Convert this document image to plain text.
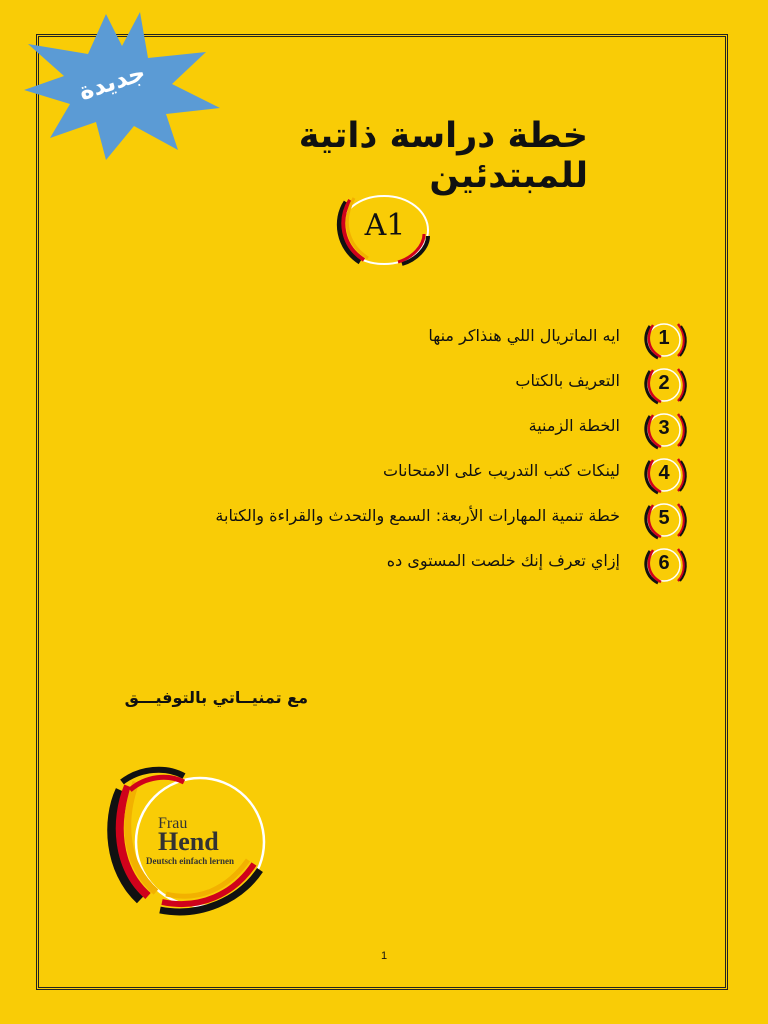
جديدة
خطة دراسة ذاتية للمبتدئين
A1
1
ايه الماتريال اللي هنذاكر منها
2
التعريف بالكتاب
3
الخطة الزمنية
4
لينكات كتب التدريب على الامتحانات
5
خطة تنمية المهارات الأربعة: السمع والتحدث والقراءة والكتابة
6
إزاي تعرف إنك خلصت المستوى ده
مع تمنيــاتي بالتوفيـــق
Frau
Hend
Deutsch einfach lernen
1
